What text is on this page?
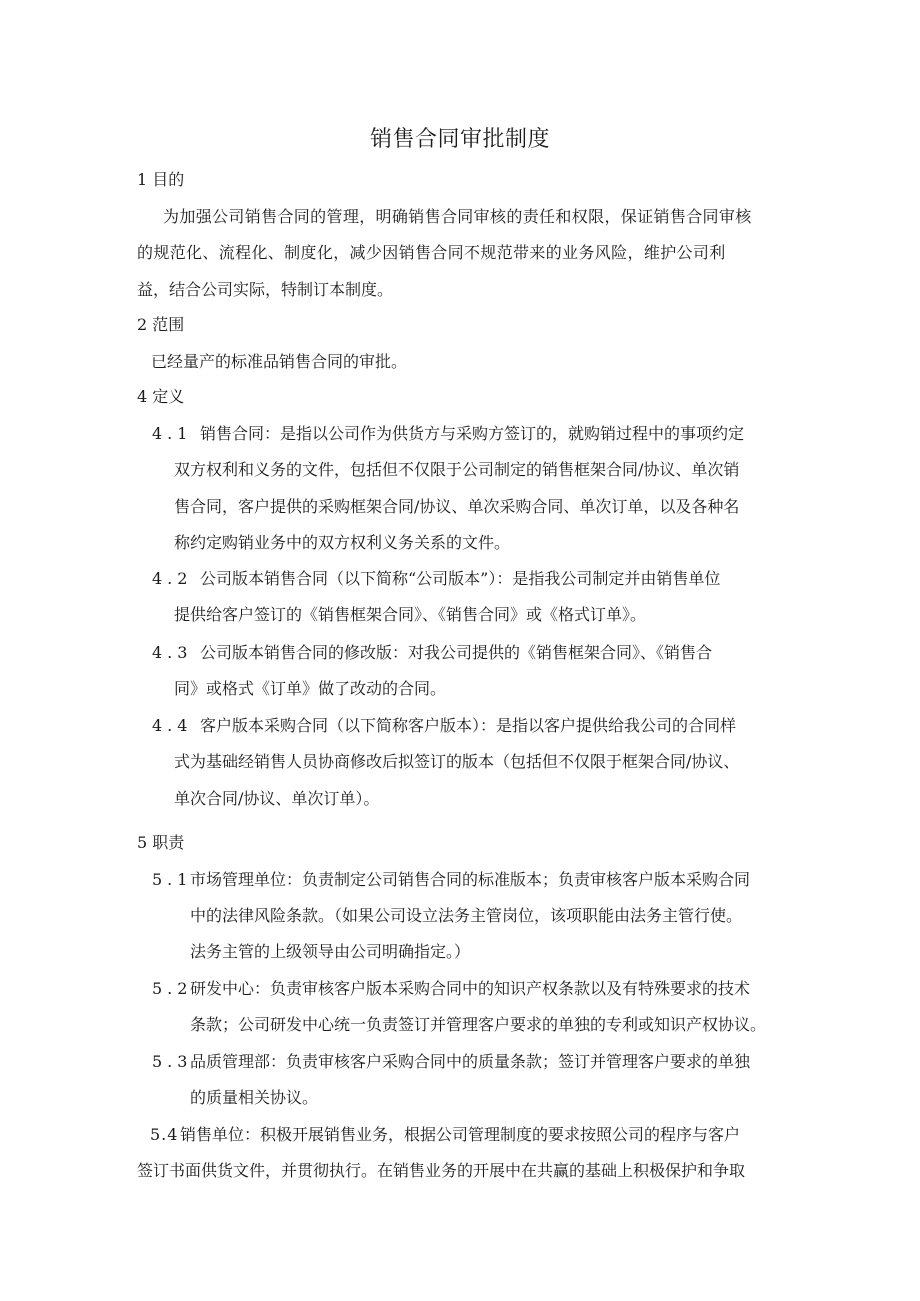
销售合同审批制度
1 目的
为加强公司销售合同的管理，明确销售合同审核的责任和权限，保证销售合同审核
的规范化、流程化、制度化，减少因销售合同不规范带来的业务风险，维护公司利
益，结合公司实际，特制订本制度。
2 范围
已经量产的标准品销售合同的审批。
4 定义
4.1 销售合同：是指以公司作为供货方与采购方签订的，就购销过程中的事项约定
双方权利和义务的文件，包括但不仅限于公司制定的销售框架合同/协议、单次销
售合同，客户提供的采购框架合同/协议、单次采购合同、单次订单，以及各种名
称约定购销业务中的双方权利义务关系的文件。
4.2 公司版本销售合同（以下简称“公司版本”）：是指我公司制定并由销售单位
提供给客户签订的《销售框架合同》、《销售合同》或《格式订单》。
4.3 公司版本销售合同的修改版：对我公司提供的《销售框架合同》、《销售合
同》或格式《订单》做了改动的合同。
4.4 客户版本采购合同（以下简称客户版本）：是指以客户提供给我公司的合同样
式为基础经销售人员协商修改后拟签订的版本（包括但不仅限于框架合同/协议、
单次合同/协议、单次订单）。
5 职责
5.1市场管理单位：负责制定公司销售合同的标准版本；负责审核客户版本采购合同
中的法律风险条款。（如果公司设立法务主管岗位，该项职能由法务主管行使。
法务主管的上级领导由公司明确指定。）
5.2研发中心：负责审核客户版本采购合同中的知识产权条款以及有特殊要求的技术
条款；公司研发中心统一负责签订并管理客户要求的单独的专利或知识产权协议。
5.3品质管理部：负责审核客户采购合同中的质量条款；签订并管理客户要求的单独
的质量相关协议。
5.4销售单位：积极开展销售业务，根据公司管理制度的要求按照公司的程序与客户
签订书面供货文件，并贯彻执行。在销售业务的开展中在共赢的基础上积极保护和争取
